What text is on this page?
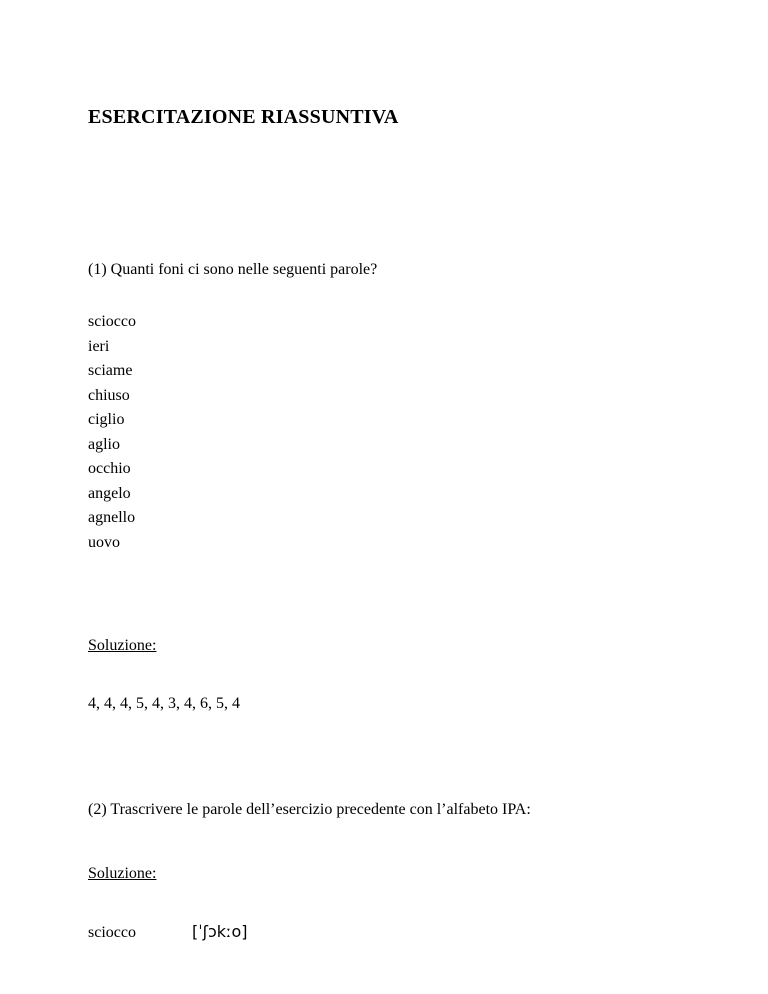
ESERCITAZIONE RIASSUNTIVA

(1) Quanti foni ci sono nelle seguenti parole?

sciocco
ieri
sciame
chiuso
ciglio
aglio
occhio
angelo
agnello
uovo

Soluzione:

4, 4, 4, 5, 4, 3, 4, 6, 5, 4

(2) Trascrivere le parole dell’esercizio precedente con l’alfabeto IPA:

Soluzione:

sciocco	[ˈʃɔkːo]
